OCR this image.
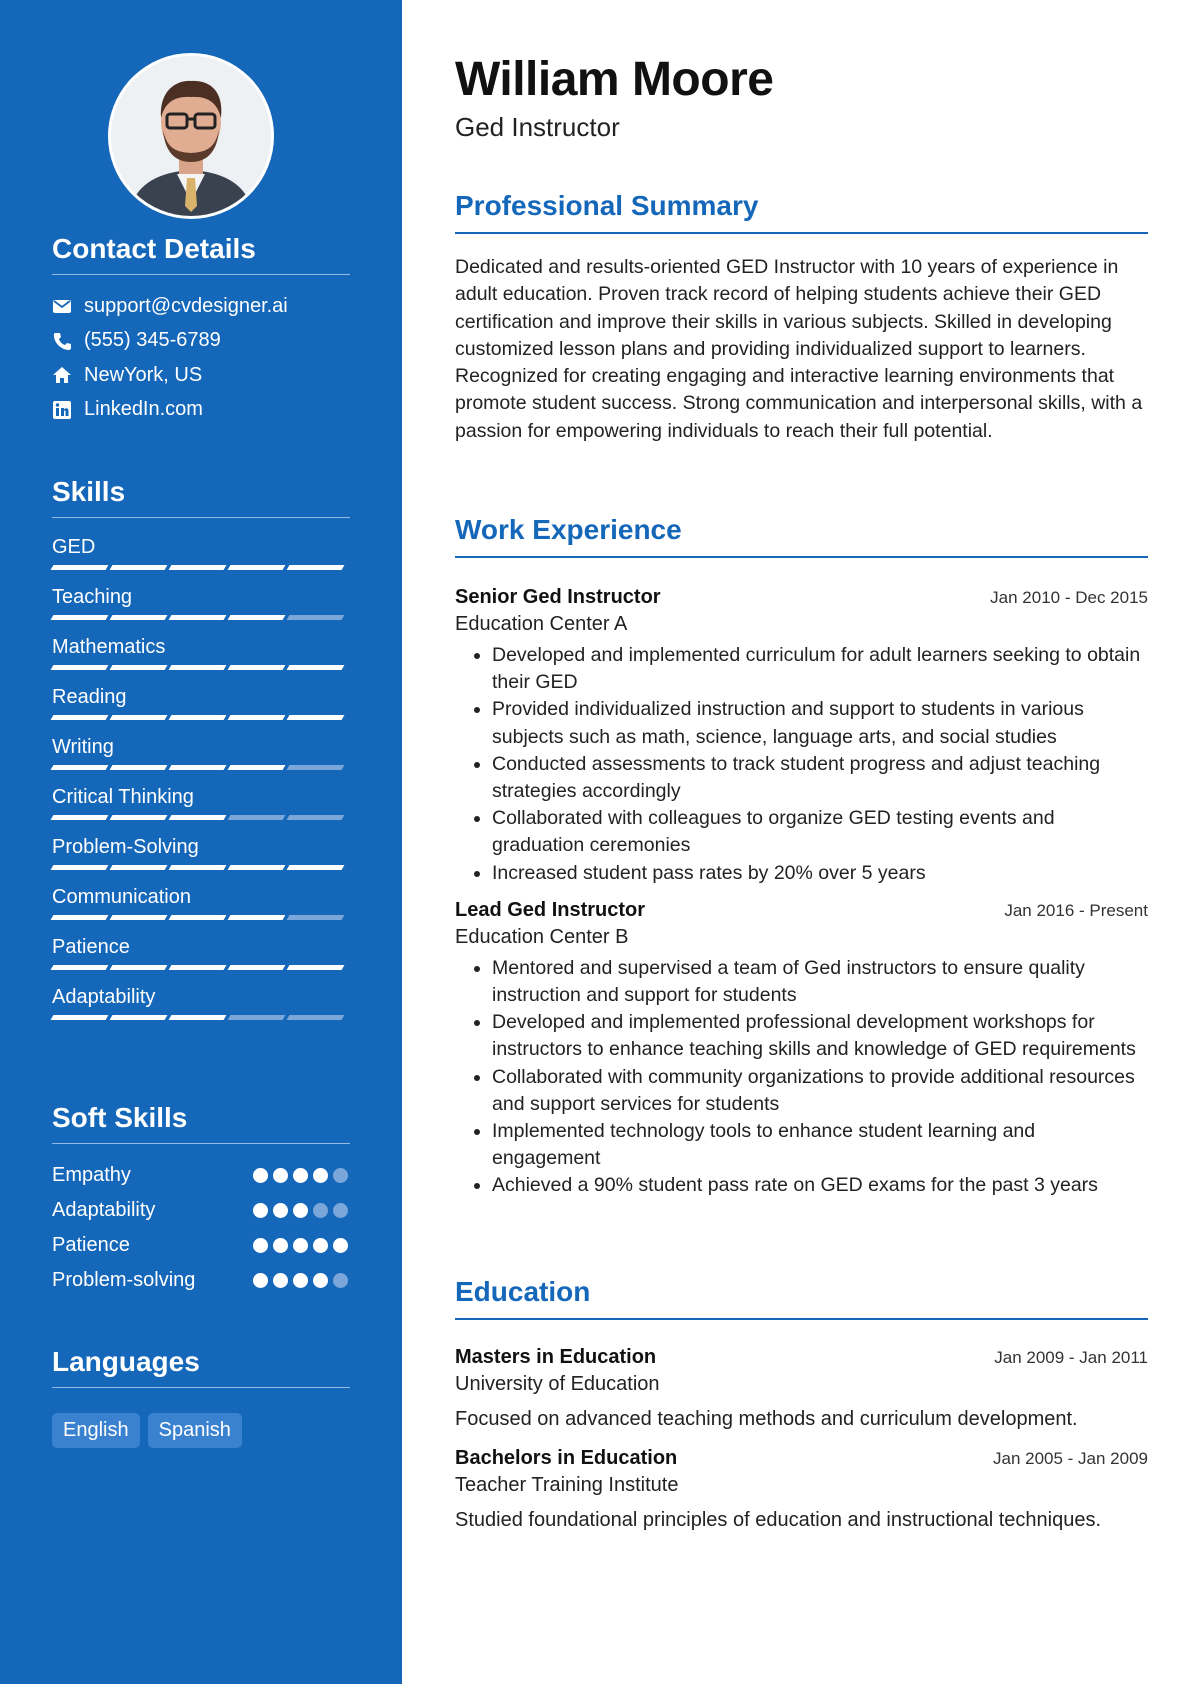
Contact Details
support@cvdesigner.ai
(555) 345-6789
NewYork, US
LinkedIn.com
Skills
GED
Teaching
Mathematics
Reading
Writing
Critical Thinking
Problem-Solving
Communication
Patience
Adaptability
Soft Skills
Empathy
Adaptability
Patience
Problem-solving
Languages
English	Spanish
William Moore

Ged Instructor

Professional Summary

Dedicated and results-oriented GED Instructor with 10 years of experience in adult education. Proven track record of helping students achieve their GED certification and improve their skills in various subjects. Skilled in developing customized lesson plans and providing individualized support to learners. Recognized for creating engaging and interactive learning environments that promote student success. Strong communication and interpersonal skills, with a passion for empowering individuals to reach their full potential.

Work Experience
Senior Ged Instructor	Jan 2010 - Dec 2015
Education Center A
• Developed and implemented curriculum for adult learners seeking to obtain their GED
• Provided individualized instruction and support to students in various subjects such as math, science, language arts, and social studies
• Conducted assessments to track student progress and adjust teaching strategies accordingly
• Collaborated with colleagues to organize GED testing events and graduation ceremonies
• Increased student pass rates by 20% over 5 years
Lead Ged Instructor	Jan 2016 - Present
Education Center B
• Mentored and supervised a team of Ged instructors to ensure quality instruction and support for students
• Developed and implemented professional development workshops for instructors to enhance teaching skills and knowledge of GED requirements
• Collaborated with community organizations to provide additional resources and support services for students
• Implemented technology tools to enhance student learning and engagement
• Achieved a 90% student pass rate on GED exams for the past 3 years
Education
Masters in Education	Jan 2009 - Jan 2011
University of Education
Focused on advanced teaching methods and curriculum development.
Bachelors in Education	Jan 2005 - Jan 2009
Teacher Training Institute
Studied foundational principles of education and instructional techniques.
